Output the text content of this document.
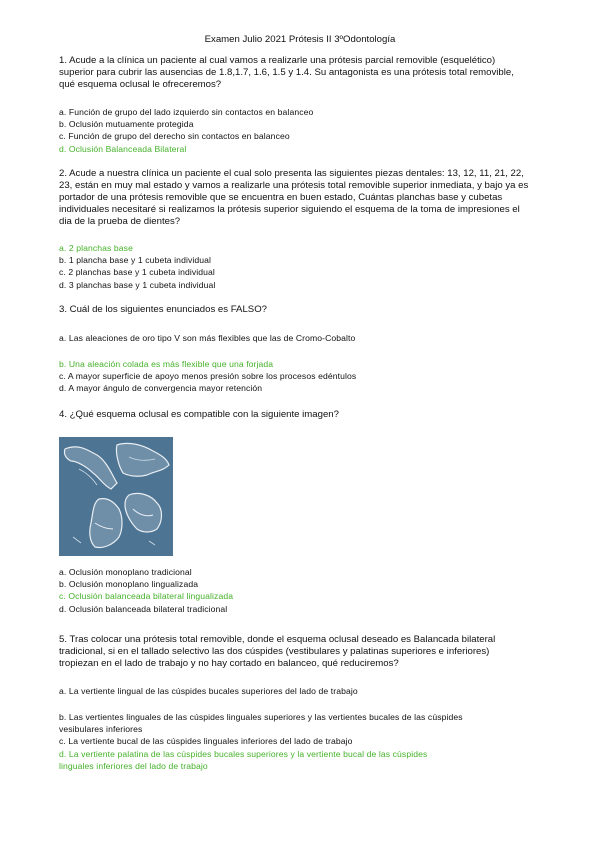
Examen Julio 2021 Prótesis II 3ºOdontología
1. Acude a la clínica un paciente al cual vamos a realizarle una prótesis parcial removible (esquelético) superior para cubrir las ausencias de 1.8,1.7, 1.6, 1.5 y 1.4. Su antagonista es una prótesis total removible, qué esquema oclusal le ofreceremos?
a. Función de grupo del lado izquierdo sin contactos en balanceo
b. Oclusión mutuamente protegida
c. Función de grupo del derecho sin contactos en balanceo
d. Oclusión Balanceada Bilateral
2. Acude a nuestra clínica un paciente el cual solo presenta las siguientes piezas dentales: 13, 12, 11, 21, 22, 23, están en muy mal estado y vamos a realizarle una prótesis total removible superior inmediata, y bajo ya es portador de una prótesis removible que se encuentra en buen estado, Cuántas planchas base y cubetas individuales necesitaré si realizamos la prótesis superior siguiendo el esquema de la toma de impresiones el dia de la prueba de dientes?
a. 2 planchas base
b. 1 plancha base y 1 cubeta individual
c. 2 planchas base y 1 cubeta individual
d. 3 planchas base y 1 cubeta individual
3. Cuál de los siguientes enunciados es FALSO?
a. Las aleaciones de oro tipo V son más flexibles que las de Cromo-Cobalto
b. Una aleación colada es más flexible que una forjada
c. A mayor superficie de apoyo menos presión sobre los procesos edéntulos
d. A mayor ángulo de convergencia mayor retención
4. ¿Qué esquema oclusal es compatible con la siguiente imagen?
a. Oclusión monoplano tradicional
b. Oclusión monoplano lingualizada
c. Oclusión balanceada bilateral lingualizada
d. Oclusión balanceada bilateral tradicional
5. Tras colocar una prótesis total removible, donde el esquema oclusal deseado es Balancada bilateral tradicional, si en el tallado selectivo las dos cúspides (vestibulares y palatinas superiores e inferiores) tropiezan en el lado de trabajo y no hay cortado en balanceo, qué reduciremos?
a. La vertiente lingual de las cúspides bucales superiores del lado de trabajo
b. Las vertientes linguales de las cúspides linguales superiores y las vertientes bucales de las cúspides
vesibulares inferiores
c. La vertiente bucal de las cúspides linguales inferiores del lado de trabajo
d. La vertiente palatina de las cúspides bucales superiores y la vertiente bucal de las cúspides
linguales inferiores del lado de trabajo
